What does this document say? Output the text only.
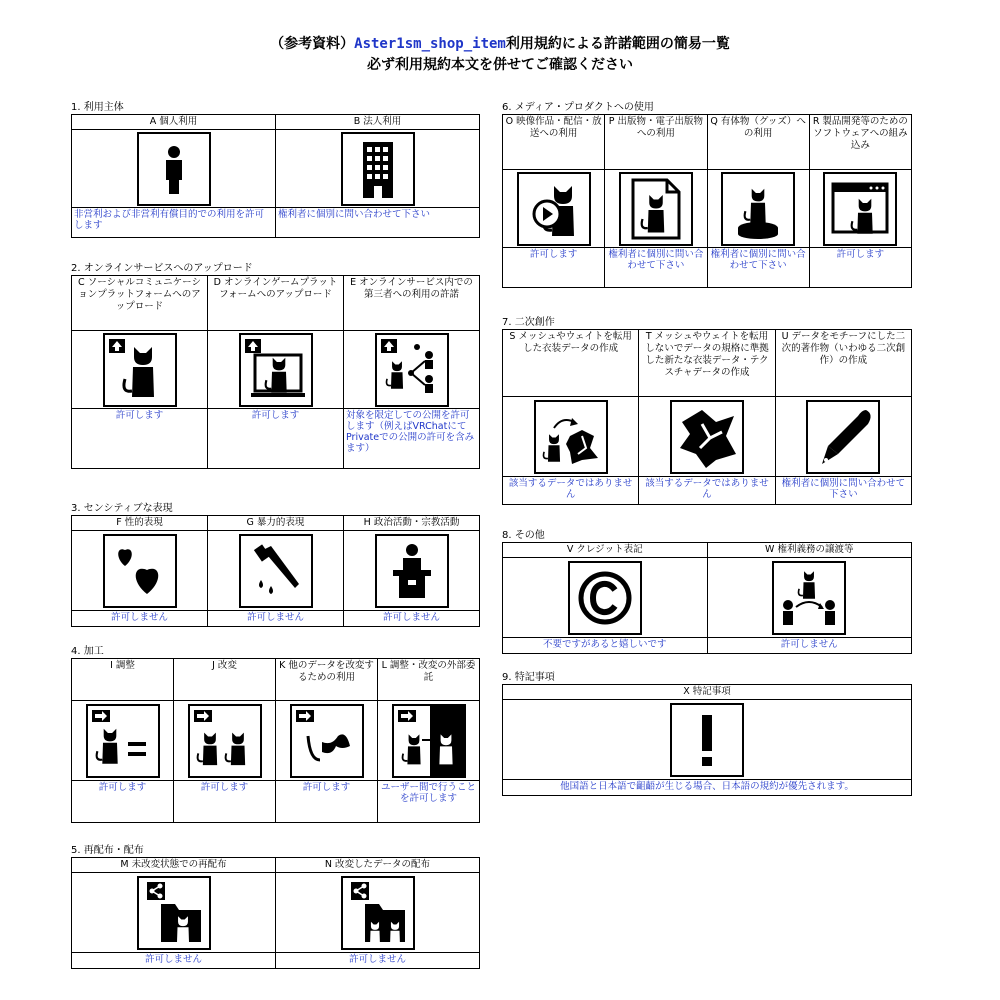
（参考資料）Aster1sm_shop_item利用規約による許諾範囲の簡易一覧
必ず利用規約本文を併せてご確認ください
1. 利用主体
A 個人利用	B 法人利用

非営利および非営利有償目的での利用を許可します	権利者に個別に問い合わせて下さい
2. オンラインサービスへのアップロード
C ソーシャルコミュニケーションプラットフォームへのアップロード	D オンラインゲームプラットフォームへのアップロード	E オンラインサービス内での第三者への利用の許諾

許可します	許可します	対象を限定しての公開を許可します（例えばVRChatにてPrivateでの公開の許可を含みます）
3. センシティブな表現
F 性的表現	G 暴力的表現	H 政治活動・宗教活動

許可しません	許可しません	許可しません
4. 加工
I 調整	J 改変	K 他のデータを改変するための利用	L 調整・改変の外部委託

許可します	許可します	許可します	ユーザー間で行うことを許可します
5. 再配布・配布
M 未改変状態での再配布	N 改変したデータの配布

許可しません	許可しません
6. メディア・プロダクトへの使用
O 映像作品・配信・放送への利用	P 出版物・電子出版物への利用	Q 有体物（グッズ）への利用	R 製品開発等のためのソフトウェアへの組み込み

許可します	権利者に個別に問い合わせて下さい	権利者に個別に問い合わせて下さい	許可します
7. 二次創作
S メッシュやウェイトを転用した衣装データの作成	T メッシュやウェイトを転用しないでデータの規格に準拠した新たな衣装データ・テクスチャデータの作成	U データをモチーフにした二次的著作物（いわゆる二次創作）の作成

該当するデータではありません	該当するデータではありません	権利者に個別に問い合わせて下さい
8. その他
V クレジット表記	W 権利義務の譲渡等

不要ですがあると嬉しいです	許可しません
9. 特記事項
X 特記事項

他国語と日本語で齟齬が生じる場合、日本語の規約が優先されます。
